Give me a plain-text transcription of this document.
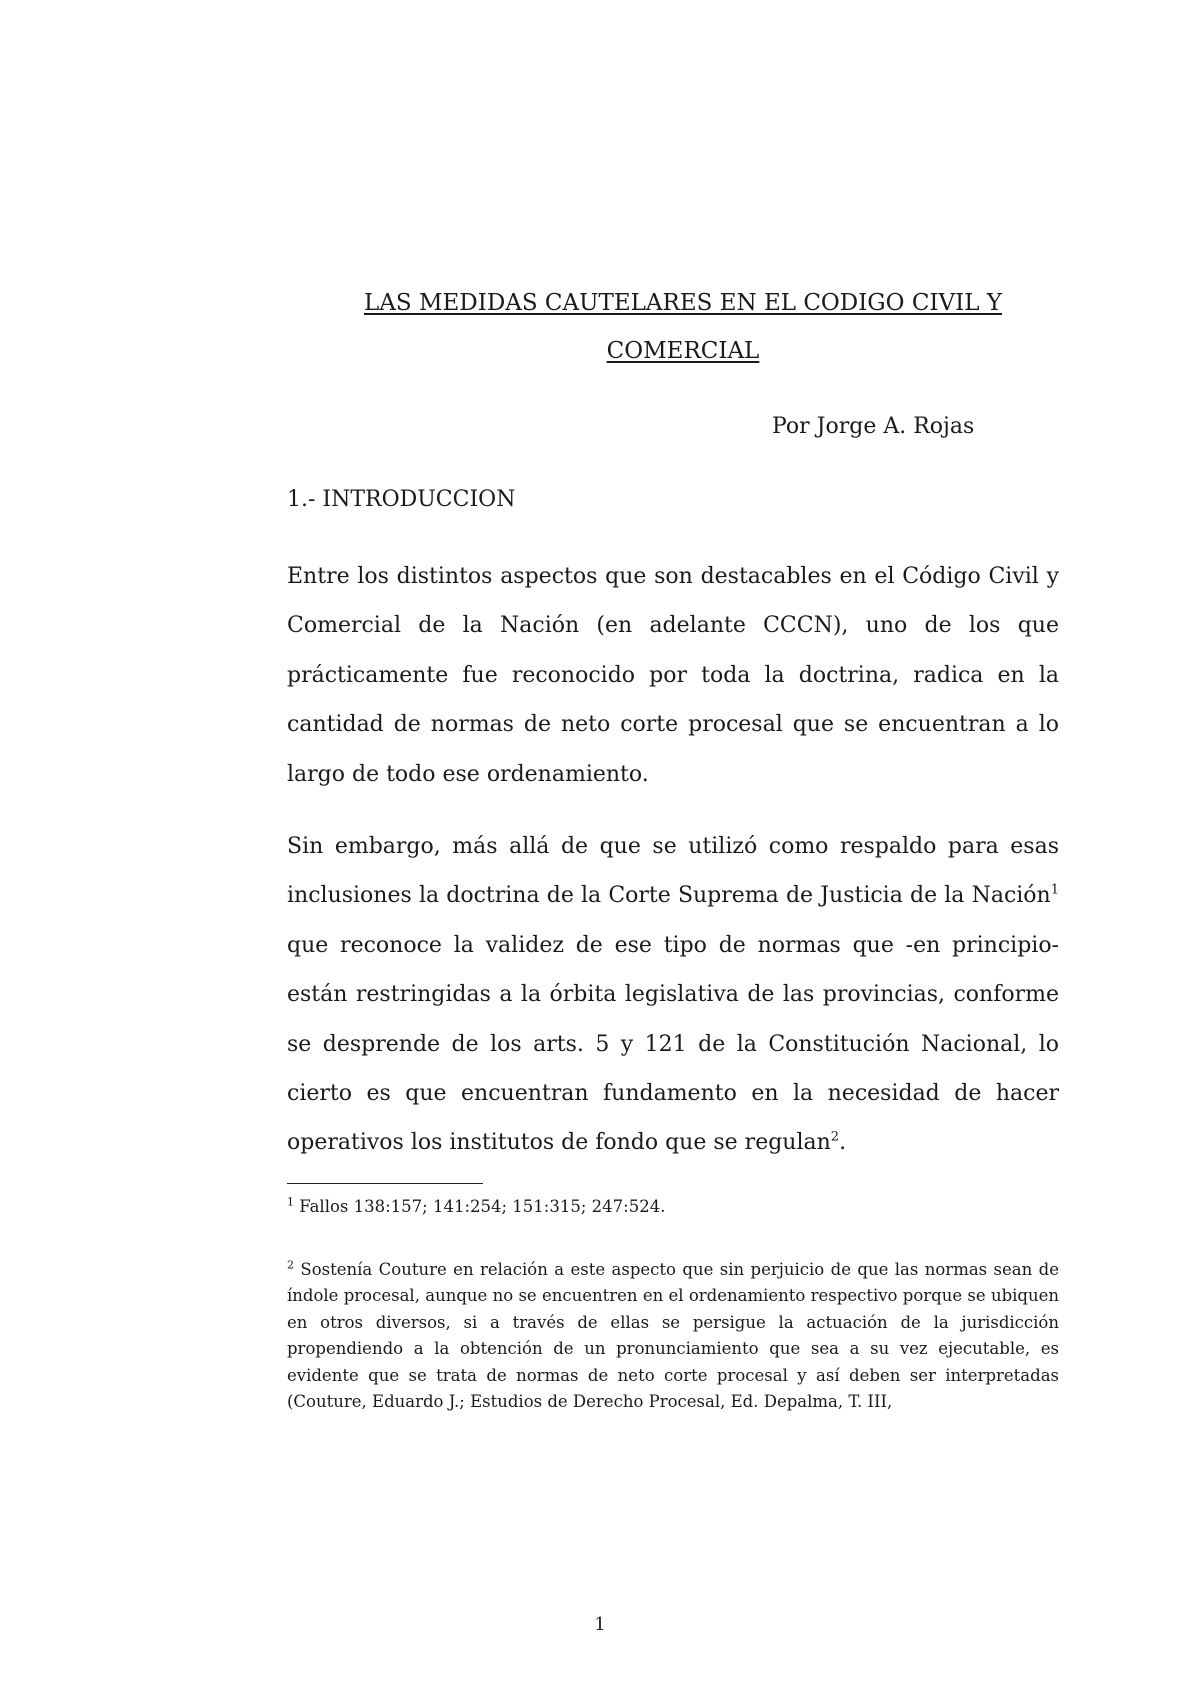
LAS MEDIDAS CAUTELARES EN EL CODIGO CIVIL Y
COMERCIAL

Por Jorge A. Rojas

1.- INTRODUCCION

Entre los distintos aspectos que son destacables en el Código Civil y Comercial de la Nación (en adelante CCCN), uno de los que prácticamente fue reconocido por toda la doctrina, radica en la cantidad de normas de neto corte procesal que se encuentran a lo largo de todo ese ordenamiento.

Sin embargo, más allá de que se utilizó como respaldo para esas inclusiones la doctrina de la Corte Suprema de Justicia de la Nación$^1$ que reconoce la validez de ese tipo de normas que -en principio- están restringidas a la órbita legislativa de las provincias, conforme se desprende de los arts. 5 y 121 de la Constitución Nacional, lo cierto es que encuentran fundamento en la necesidad de hacer operativos los institutos de fondo que se regulan$^2$.

$^1$ Fallos 138:157; 141:254; 151:315; 247:524.

$^2$ Sostenía Couture en relación a este aspecto que sin perjuicio de que las normas sean de índole procesal, aunque no se encuentren en el ordenamiento respectivo porque se ubiquen en otros diversos, si a través de ellas se persigue la actuación de la jurisdicción propendiendo a la obtención de un pronunciamiento que sea a su vez ejecutable, es evidente que se trata de normas de neto corte procesal y así deben ser interpretadas (Couture, Eduardo J.; Estudios de Derecho Procesal, Ed. Depalma, T. III,

1
